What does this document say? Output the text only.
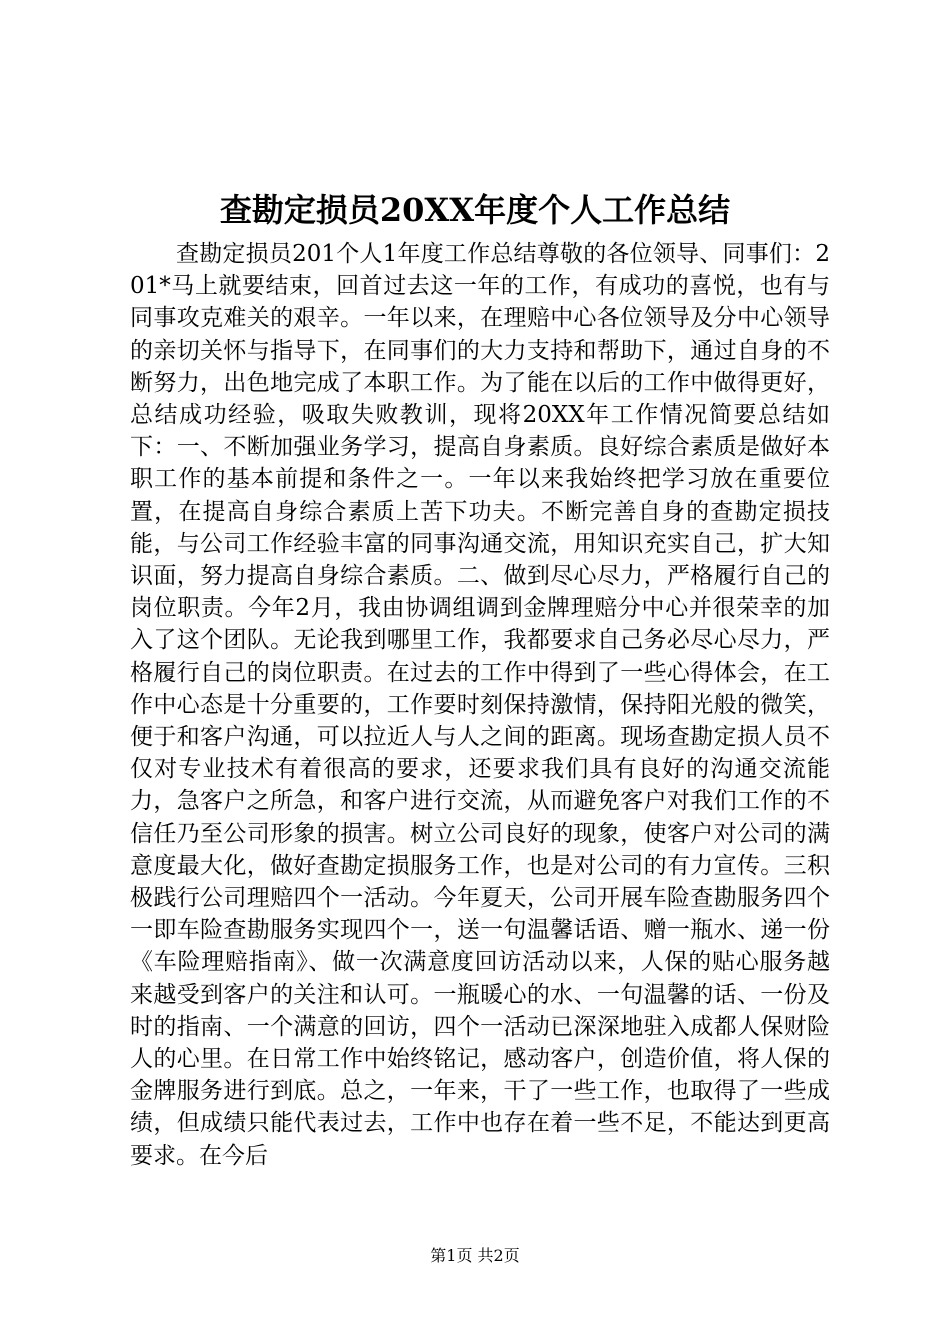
查勘定损员20XX年度个人工作总结

查勘定损员201个人1年度工作总结尊敬的各位领导、同事们：201*马上就要结束，回首过去这一年的工作，有成功的喜悦，也有与同事攻克难关的艰辛。一年以来，在理赔中心各位领导及分中心领导的亲切关怀与指导下，在同事们的大力支持和帮助下，通过自身的不断努力，出色地完成了本职工作。为了能在以后的工作中做得更好，总结成功经验，吸取失败教训，现将20XX年工作情况简要总结如下：一、不断加强业务学习，提高自身素质。良好综合素质是做好本职工作的基本前提和条件之一。一年以来我始终把学习放在重要位置，在提高自身综合素质上苦下功夫。不断完善自身的查勘定损技能，与公司工作经验丰富的同事沟通交流，用知识充实自己，扩大知识面，努力提高自身综合素质。二、做到尽心尽力，严格履行自己的岗位职责。今年2月，我由协调组调到金牌理赔分中心并很荣幸的加入了这个团队。无论我到哪里工作，我都要求自己务必尽心尽力，严格履行自己的岗位职责。在过去的工作中得到了一些心得体会，在工作中心态是十分重要的，工作要时刻保持激情，保持阳光般的微笑，便于和客户沟通，可以拉近人与人之间的距离。现场查勘定损人员不仅对专业技术有着很高的要求，还要求我们具有良好的沟通交流能力，急客户之所急，和客户进行交流，从而避免客户对我们工作的不信任乃至公司形象的损害。树立公司良好的现象，使客户对公司的满意度最大化，做好查勘定损服务工作，也是对公司的有力宣传。三积极践行公司理赔四个一活动。今年夏天，公司开展车险查勘服务四个一即车险查勘服务实现四个一，送一句温馨话语、赠一瓶水、递一份《车险理赔指南》、做一次满意度回访活动以来，人保的贴心服务越来越受到客户的关注和认可。一瓶暖心的水、一句温馨的话、一份及时的指南、一个满意的回访，四个一活动已深深地驻入成都人保财险人的心里。在日常工作中始终铭记，感动客户，创造价值，将人保的金牌服务进行到底。总之，一年来，干了一些工作，也取得了一些成绩，但成绩只能代表过去，工作中也存在着一些不足，不能达到更高要求。在今后

第1页 共2页
